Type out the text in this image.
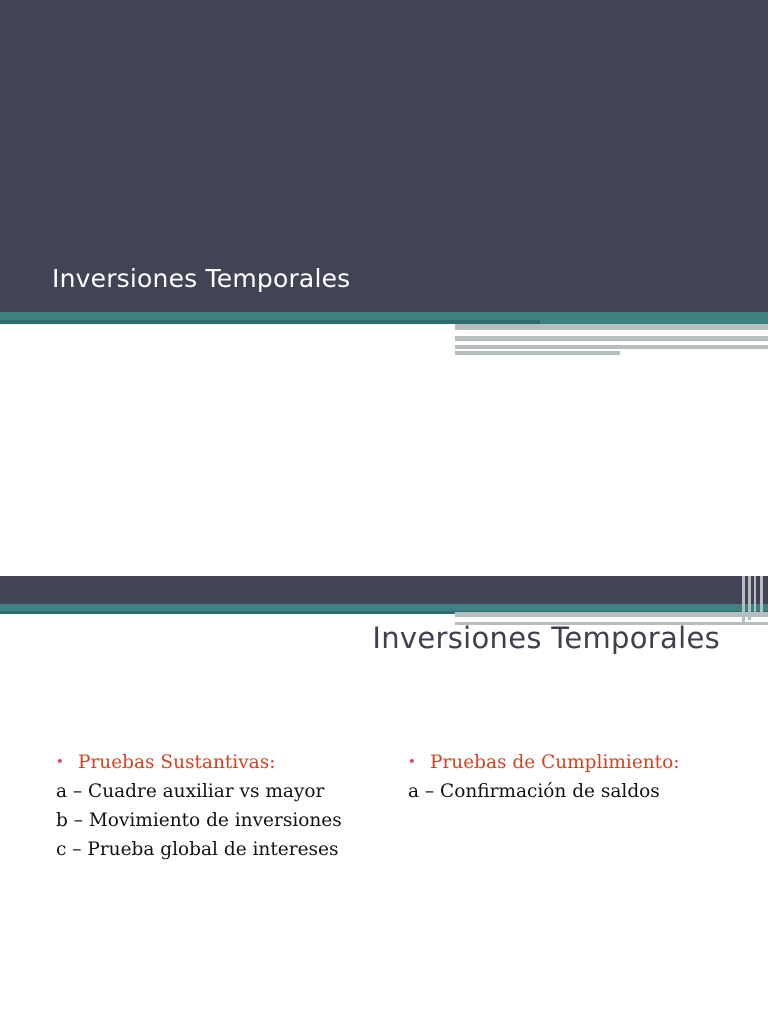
Inversiones Temporales
Inversiones Temporales
• Pruebas Sustantivas:
a – Cuadre auxiliar vs mayor
b – Movimiento de inversiones
c – Prueba global de intereses
• Pruebas de Cumplimiento:
a – Confirmación de saldos
